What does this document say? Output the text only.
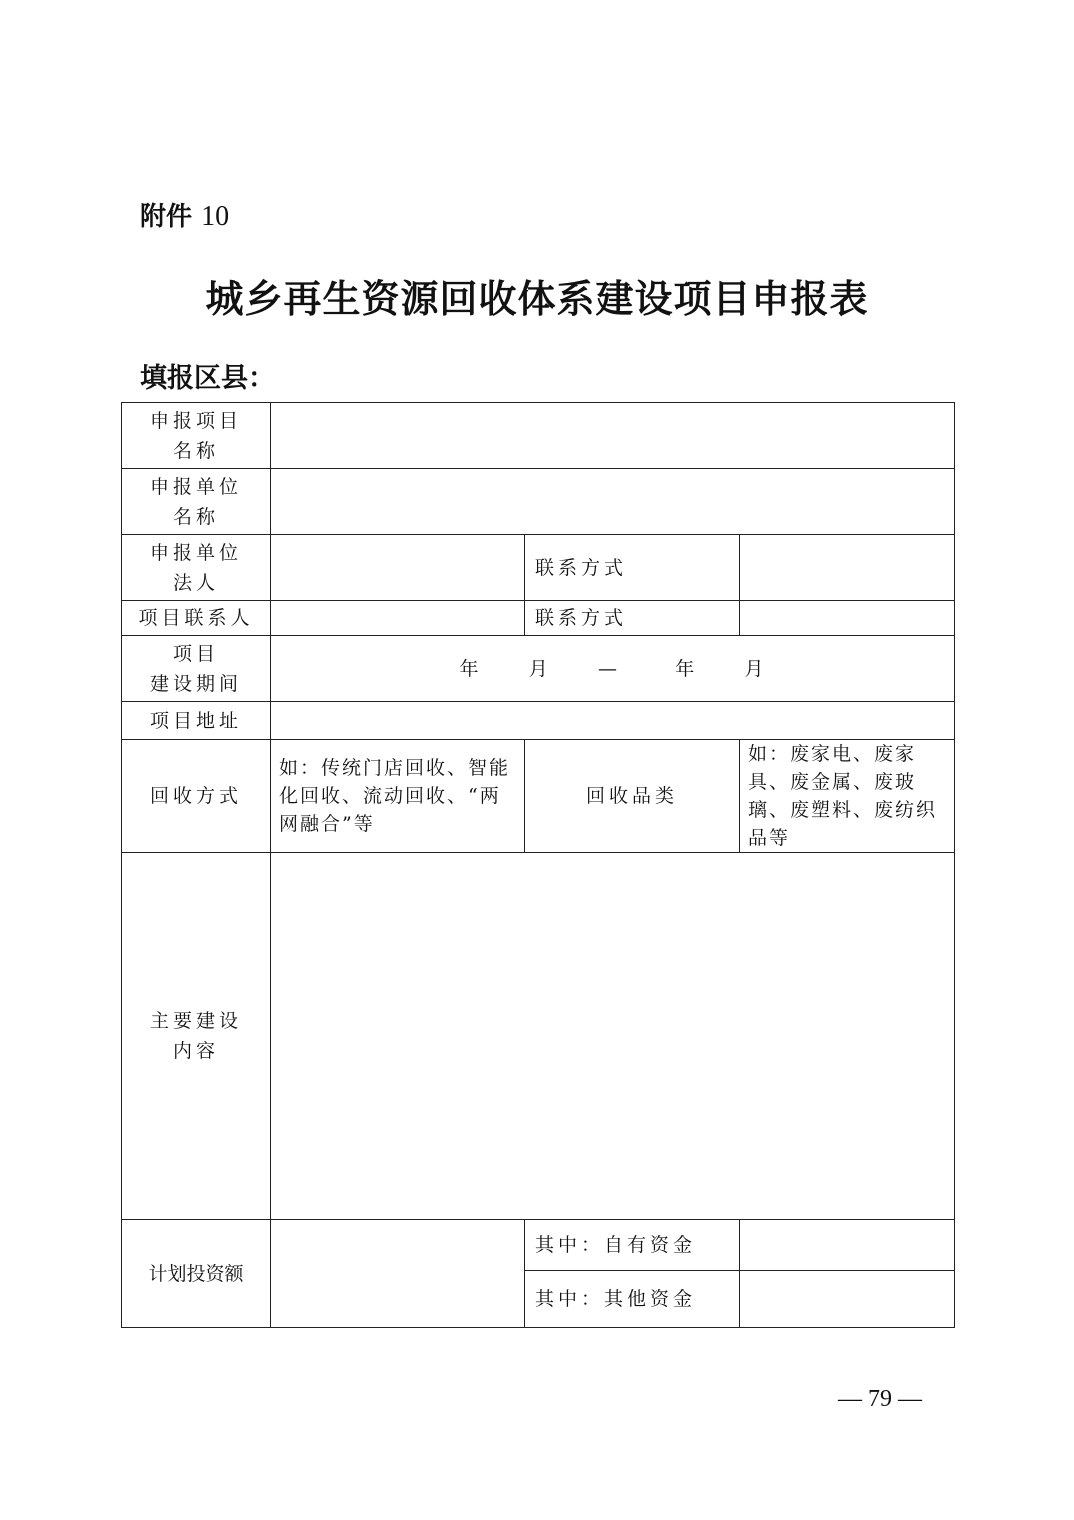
附件 10
城乡再生资源回收体系建设项目申报表
填报区县：
申报项目
名称			

申报单位
名称			

申报单位
法人		联系方式	
项目联系人		联系方式	

项目
建设期间	年      月      —       年      月		
项目地址			
回收方式	如：传统门店回收、智能化回收、流动回收、“两网融合”等	回收品类	如：废家电、废家具、废金属、废玻璃、废塑料、废纺织品等

主要建设
内容			

计划投资额		其中：自有资金	
		其中：其他资金	
— 79 —
